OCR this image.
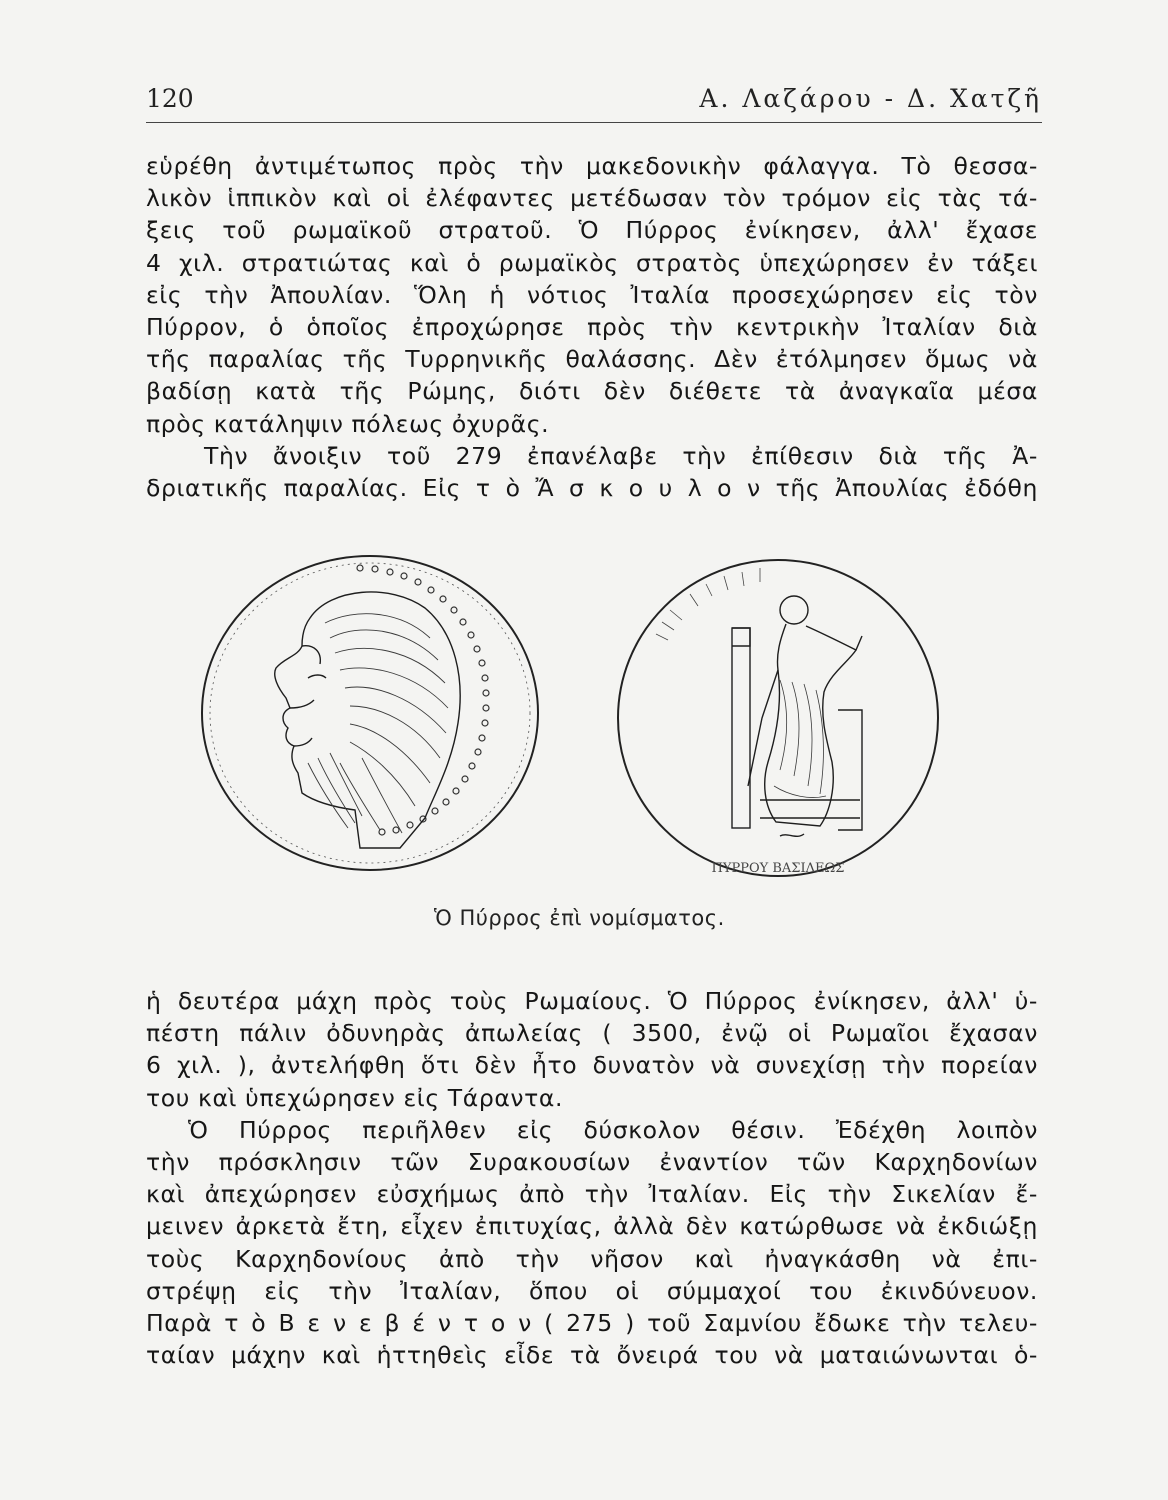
120	Α. Λαζάρου - Δ. Χατζῆ
εὑρέθη ἀντιμέτωπος πρὸς τὴν μακεδονικὴν φάλαγγα. Τὸ θεσσα-
λικὸν ἱππικὸν καὶ οἱ ἐλέφαντες μετέδωσαν τὸν τρόμον εἰς τὰς τά-
ξεις τοῦ ρωμαϊκοῦ στρατοῦ. Ὁ Πύρρος ἐνίκησεν, ἀλλ' ἔχασε
4 χιλ. στρατιώτας καὶ ὁ ρωμαϊκὸς στρατὸς ὑπεχώρησεν ἐν τάξει
εἰς τὴν Ἀπουλίαν. Ὅλη ἡ νότιος Ἰταλία προσεχώρησεν εἰς τὸν
Πύρρον, ὁ ὁποῖος ἐπροχώρησε πρὸς τὴν κεντρικὴν Ἰταλίαν διὰ
τῆς παραλίας τῆς Τυρρηνικῆς θαλάσσης. Δὲν ἐτόλμησεν ὅμως νὰ
βαδίσῃ κατὰ τῆς Ρώμης, διότι δὲν διέθετε τὰ ἀναγκαῖα μέσα
πρὸς κατάληψιν πόλεως ὀχυρᾶς.
Τὴν ἄνοιξιν τοῦ 279 ἐπανέλαβε τὴν ἐπίθεσιν διὰ τῆς Ἀ-
δριατικῆς παραλίας. Εἰς τ ὸ Ἄ σ κ ο υ λ ο ν τῆς Ἀπουλίας ἐδόθη
ΠΥΡΡΟΥ ΒΑΣΙΛΕΩΣ
Ὁ Πύρρος ἐπὶ νομίσματος.
ἡ δευτέρα μάχη πρὸς τοὺς Ρωμαίους. Ὁ Πύρρος ἐνίκησεν, ἀλλ' ὑ-
πέστη πάλιν ὀδυνηρὰς ἀπωλείας ( 3500, ἐνῷ οἱ Ρωμαῖοι ἔχασαν
6 χιλ. ), ἀντελήφθη ὅτι δὲν ἦτο δυνατὸν νὰ συνεχίσῃ τὴν πορείαν
του καὶ ὑπεχώρησεν εἰς Τάραντα.
Ὁ Πύρρος περιῆλθεν εἰς δύσκολον θέσιν. Ἐδέχθη λοιπὸν
τὴν πρόσκλησιν τῶν Συρακουσίων ἐναντίον τῶν Καρχηδονίων
καὶ ἀπεχώρησεν εὐσχήμως ἀπὸ τὴν Ἰταλίαν. Εἰς τὴν Σικελίαν ἔ-
μεινεν ἀρκετὰ ἔτη, εἶχεν ἐπιτυχίας, ἀλλὰ δὲν κατώρθωσε νὰ ἐκδιώξῃ
τοὺς Καρχηδονίους ἀπὸ τὴν νῆσον καὶ ἠναγκάσθη νὰ ἐπι-
στρέψῃ εἰς τὴν Ἰταλίαν, ὅπου οἱ σύμμαχοί του ἐκινδύνευον.
Παρὰ τ ὸ Β ε ν ε β έ ν τ ο ν ( 275 ) τοῦ Σαμνίου ἔδωκε τὴν τελευ-
ταίαν μάχην καὶ ἡττηθεὶς εἶδε τὰ ὄνειρά του νὰ ματαιώνωνται ὁ-
